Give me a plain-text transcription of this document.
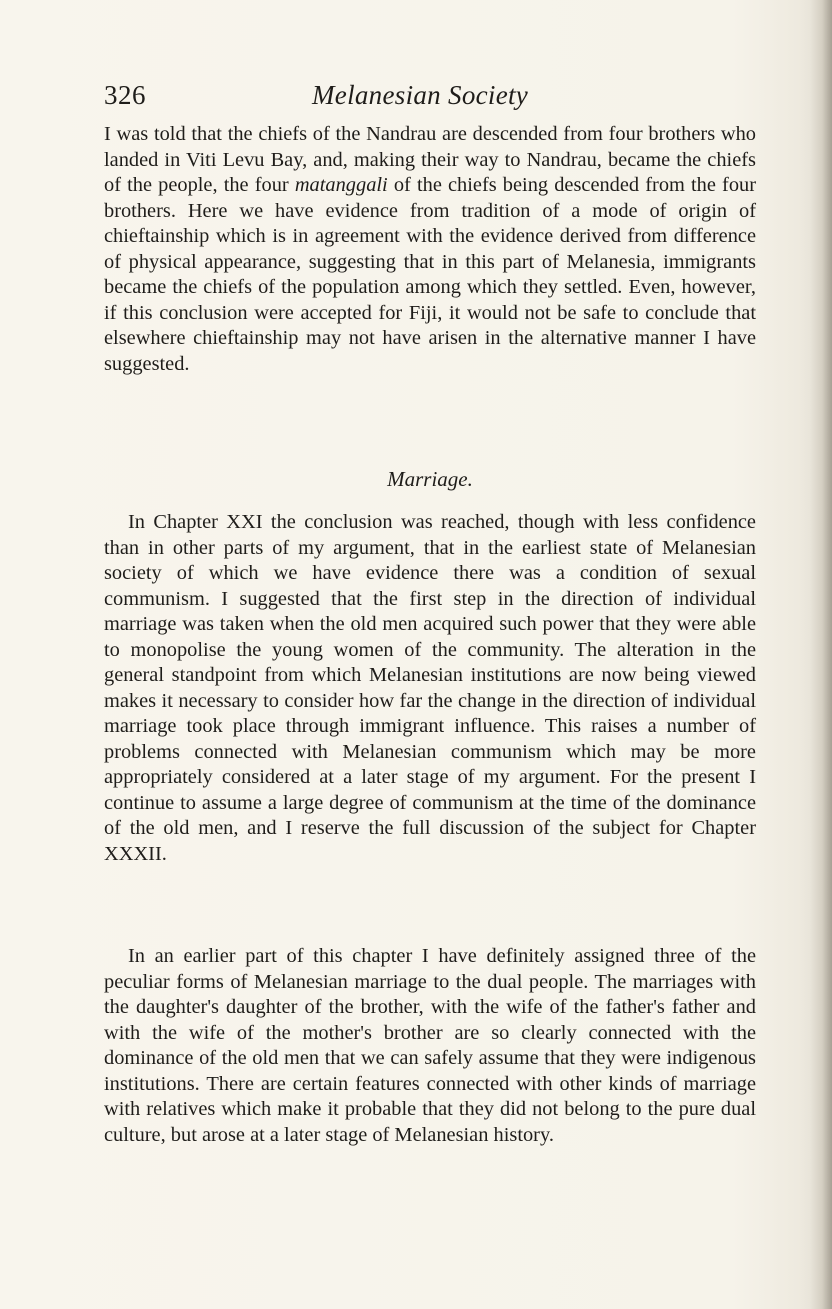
326	Melanesian Society

I was told that the chiefs of the Nandrau are descended from four brothers who landed in Viti Levu Bay, and, making their way to Nandrau, became the chiefs of the people, the four matanggali of the chiefs being descended from the four brothers. Here we have evidence from tradition of a mode of origin of chieftainship which is in agreement with the evidence derived from difference of physical appearance, suggesting that in this part of Melanesia, immigrants became the chiefs of the population among which they settled. Even, however, if this conclusion were accepted for Fiji, it would not be safe to conclude that elsewhere chieftainship may not have arisen in the alternative manner I have suggested.

Marriage.

In Chapter XXI the conclusion was reached, though with less confidence than in other parts of my argument, that in the earliest state of Melanesian society of which we have evidence there was a condition of sexual communism. I suggested that the first step in the direction of individual marriage was taken when the old men acquired such power that they were able to monopolise the young women of the community. The alteration in the general standpoint from which Melanesian institutions are now being viewed makes it necessary to consider how far the change in the direction of individual marriage took place through immigrant influence. This raises a number of problems connected with Melanesian communism which may be more appropriately considered at a later stage of my argument. For the present I continue to assume a large degree of communism at the time of the dominance of the old men, and I reserve the full discussion of the subject for Chapter XXXII.

In an earlier part of this chapter I have definitely assigned three of the peculiar forms of Melanesian marriage to the dual people. The marriages with the daughter's daughter of the brother, with the wife of the father's father and with the wife of the mother's brother are so clearly connected with the dominance of the old men that we can safely assume that they were indigenous institutions. There are certain features connected with other kinds of marriage with relatives which make it probable that they did not belong to the pure dual culture, but arose at a later stage of Melanesian history.
